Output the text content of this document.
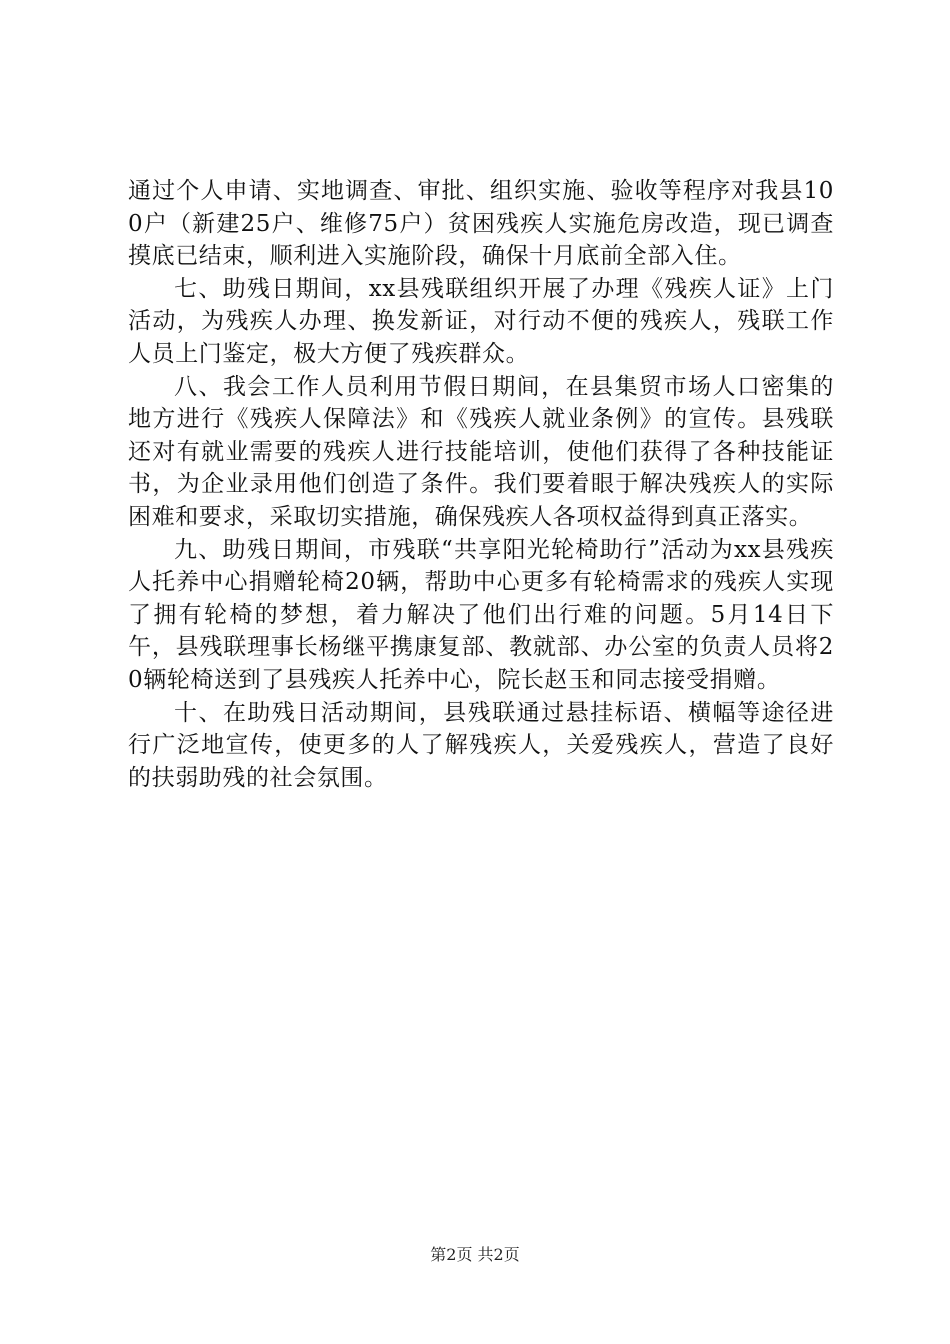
通过个人申请、实地调查、审批、组织实施、验收等程序对我县100户（新建25户、维修75户）贫困残疾人实施危房改造，现已调查摸底已结束，顺利进入实施阶段，确保十月底前全部入住。

七、助残日期间，xx县残联组织开展了办理《残疾人证》上门活动，为残疾人办理、换发新证，对行动不便的残疾人，残联工作人员上门鉴定，极大方便了残疾群众。

八、我会工作人员利用节假日期间，在县集贸市场人口密集的地方进行《残疾人保障法》和《残疾人就业条例》的宣传。县残联还对有就业需要的残疾人进行技能培训，使他们获得了各种技能证书，为企业录用他们创造了条件。我们要着眼于解决残疾人的实际困难和要求，采取切实措施，确保残疾人各项权益得到真正落实。

九、助残日期间，市残联“共享阳光轮椅助行”活动为xx县残疾人托养中心捐赠轮椅20辆，帮助中心更多有轮椅需求的残疾人实现了拥有轮椅的梦想，着力解决了他们出行难的问题。5月14日下午，县残联理事长杨继平携康复部、教就部、办公室的负责人员将20辆轮椅送到了县残疾人托养中心，院长赵玉和同志接受捐赠。

十、在助残日活动期间，县残联通过悬挂标语、横幅等途径进行广泛地宣传，使更多的人了解残疾人，关爱残疾人，营造了良好的扶弱助残的社会氛围。

第2页 共2页
